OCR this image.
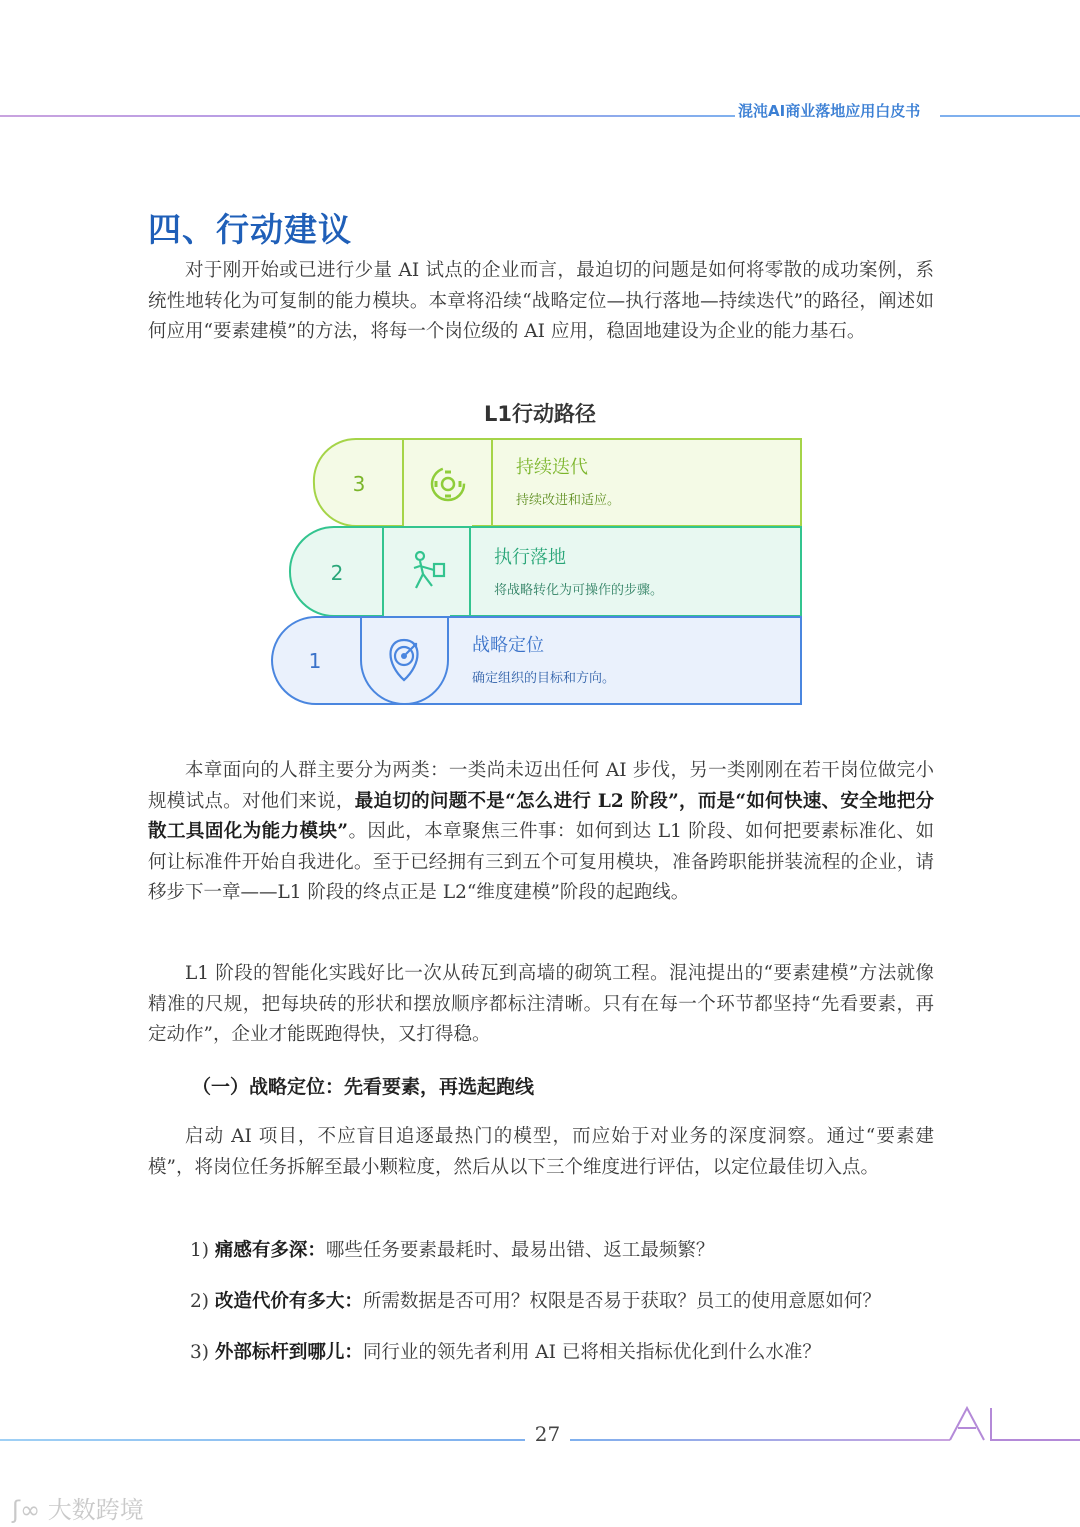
混沌AI商业落地应用白皮书
四、行动建议
对于刚开始或已进行少量 AI 试点的企业而言，最迫切的问题是如何将零散的成功案例，系统性地转化为可复制的能力模块。本章将沿续“战略定位—执行落地—持续迭代”的路径，阐述如何应用“要素建模”的方法，将每一个岗位级的 AI 应用，稳固地建设为企业的能力基石。
L1行动路径
3
持续迭代
持续改进和适应。
2
执行落地
将战略转化为可操作的步骤。
1
战略定位
确定组织的目标和方向。
本章面向的人群主要分为两类：一类尚未迈出任何 AI 步伐，另一类刚刚在若干岗位做完小规模试点。对他们来说，最迫切的问题不是“怎么进行 L2 阶段”，而是“如何快速、安全地把分散工具固化为能力模块”。因此，本章聚焦三件事：如何到达 L1 阶段、如何把要素标准化、如何让标准件开始自我进化。至于已经拥有三到五个可复用模块，准备跨职能拼装流程的企业，请移步下一章——L1 阶段的终点正是 L2“维度建模”阶段的起跑线。
L1 阶段的智能化实践好比一次从砖瓦到高墙的砌筑工程。混沌提出的“要素建模”方法就像精准的尺规，把每块砖的形状和摆放顺序都标注清晰。只有在每一个环节都坚持“先看要素，再定动作”，企业才能既跑得快，又打得稳。
（一）战略定位：先看要素，再选起跑线
启动 AI 项目，不应盲目追逐最热门的模型，而应始于对业务的深度洞察。通过“要素建模”，将岗位任务拆解至最小颗粒度，然后从以下三个维度进行评估，以定位最佳切入点。
1) 痛感有多深：哪些任务要素最耗时、最易出错、返工最频繁？
2) 改造代价有多大：所需数据是否可用？权限是否易于获取？员工的使用意愿如何？
3) 外部标杆到哪儿：同行业的领先者利用 AI 已将相关指标优化到什么水准？
27	AI
ʃ∞ 大数跨境
